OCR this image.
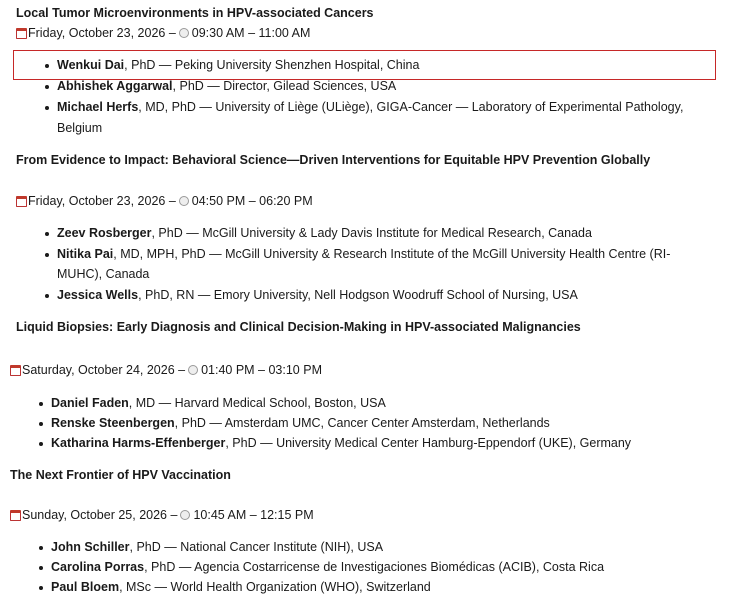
Local Tumor Microenvironments in HPV-associated Cancers
Friday, October 23, 2026 – 09:30 AM – 11:00 AM
Wenkui Dai, PhD — Peking University Shenzhen Hospital, China
Abhishek Aggarwal, PhD — Director, Gilead Sciences, USA
Michael Herfs, MD, PhD — University of Liège (ULiège), GIGA-Cancer — Laboratory of Experimental Pathology,
Belgium
From Evidence to Impact: Behavioral Science—Driven Interventions for Equitable HPV Prevention Globally
Friday, October 23, 2026 – 04:50 PM – 06:20 PM
Zeev Rosberger, PhD — McGill University & Lady Davis Institute for Medical Research, Canada
Nitika Pai, MD, MPH, PhD — McGill University & Research Institute of the McGill University Health Centre (RI-
MUHC), Canada
Jessica Wells, PhD, RN — Emory University, Nell Hodgson Woodruff School of Nursing, USA
Liquid Biopsies: Early Diagnosis and Clinical Decision-Making in HPV-associated Malignancies
Saturday, October 24, 2026 – 01:40 PM – 03:10 PM
Daniel Faden, MD — Harvard Medical School, Boston, USA
Renske Steenbergen, PhD — Amsterdam UMC, Cancer Center Amsterdam, Netherlands
Katharina Harms-Effenberger, PhD — University Medical Center Hamburg-Eppendorf (UKE), Germany
The Next Frontier of HPV Vaccination
Sunday, October 25, 2026 – 10:45 AM – 12:15 PM
John Schiller, PhD — National Cancer Institute (NIH), USA
Carolina Porras, PhD — Agencia Costarricense de Investigaciones Biomédicas (ACIB), Costa Rica
Paul Bloem, MSc — World Health Organization (WHO), Switzerland
